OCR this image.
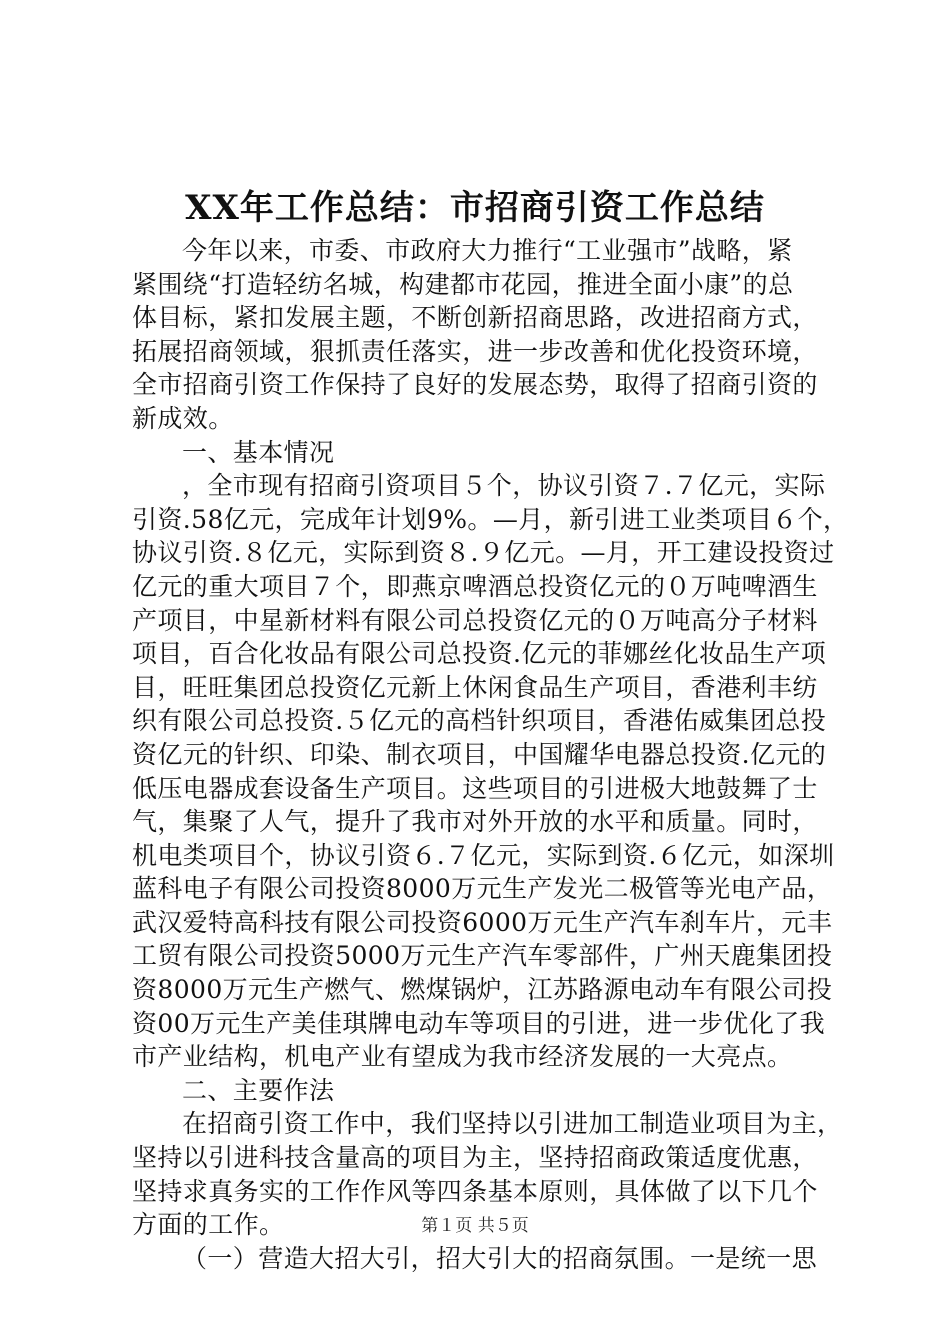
XX年工作总结：市招商引资工作总结
今年以来，市委、市政府大力推行“工业强市”战略，紧
紧围绕“打造轻纺名城，构建都市花园，推进全面小康”的总
体目标，紧扣发展主题，不断创新招商思路，改进招商方式，
拓展招商领域，狠抓责任落实，进一步改善和优化投资环境，
全市招商引资工作保持了良好的发展态势，取得了招商引资的
新成效。
一、基本情况
，全市现有招商引资项目５个，协议引资７.７亿元，实际
引资.58亿元，完成年计划9%。—月，新引进工业类项目６个，
协议引资.８亿元，实际到资８.９亿元。—月，开工建设投资过
亿元的重大项目７个，即燕京啤酒总投资亿元的０万吨啤酒生
产项目，中星新材料有限公司总投资亿元的０万吨高分子材料
项目，百合化妆品有限公司总投资.亿元的菲娜丝化妆品生产项
目，旺旺集团总投资亿元新上休闲食品生产项目，香港利丰纺
织有限公司总投资.５亿元的高档针织项目，香港佑威集团总投
资亿元的针织、印染、制衣项目，中国耀华电器总投资.亿元的
低压电器成套设备生产项目。这些项目的引进极大地鼓舞了士
气，集聚了人气，提升了我市对外开放的水平和质量。同时，
机电类项目个，协议引资６.７亿元，实际到资.６亿元，如深圳
蓝科电子有限公司投资8000万元生产发光二极管等光电产品，
武汉爱特高科技有限公司投资6000万元生产汽车刹车片，元丰
工贸有限公司投资5000万元生产汽车零部件，广州天鹿集团投
资8000万元生产燃气、燃煤锅炉，江苏路源电动车有限公司投
资00万元生产美佳琪牌电动车等项目的引进，进一步优化了我
市产业结构，机电产业有望成为我市经济发展的一大亮点。
二、主要作法
在招商引资工作中，我们坚持以引进加工制造业项目为主，
坚持以引进科技含量高的项目为主，坚持招商政策适度优惠，
坚持求真务实的工作作风等四条基本原则，具体做了以下几个
方面的工作。
（一）营造大招大引，招大引大的招商氛围。一是统一思
第１页 共５页
